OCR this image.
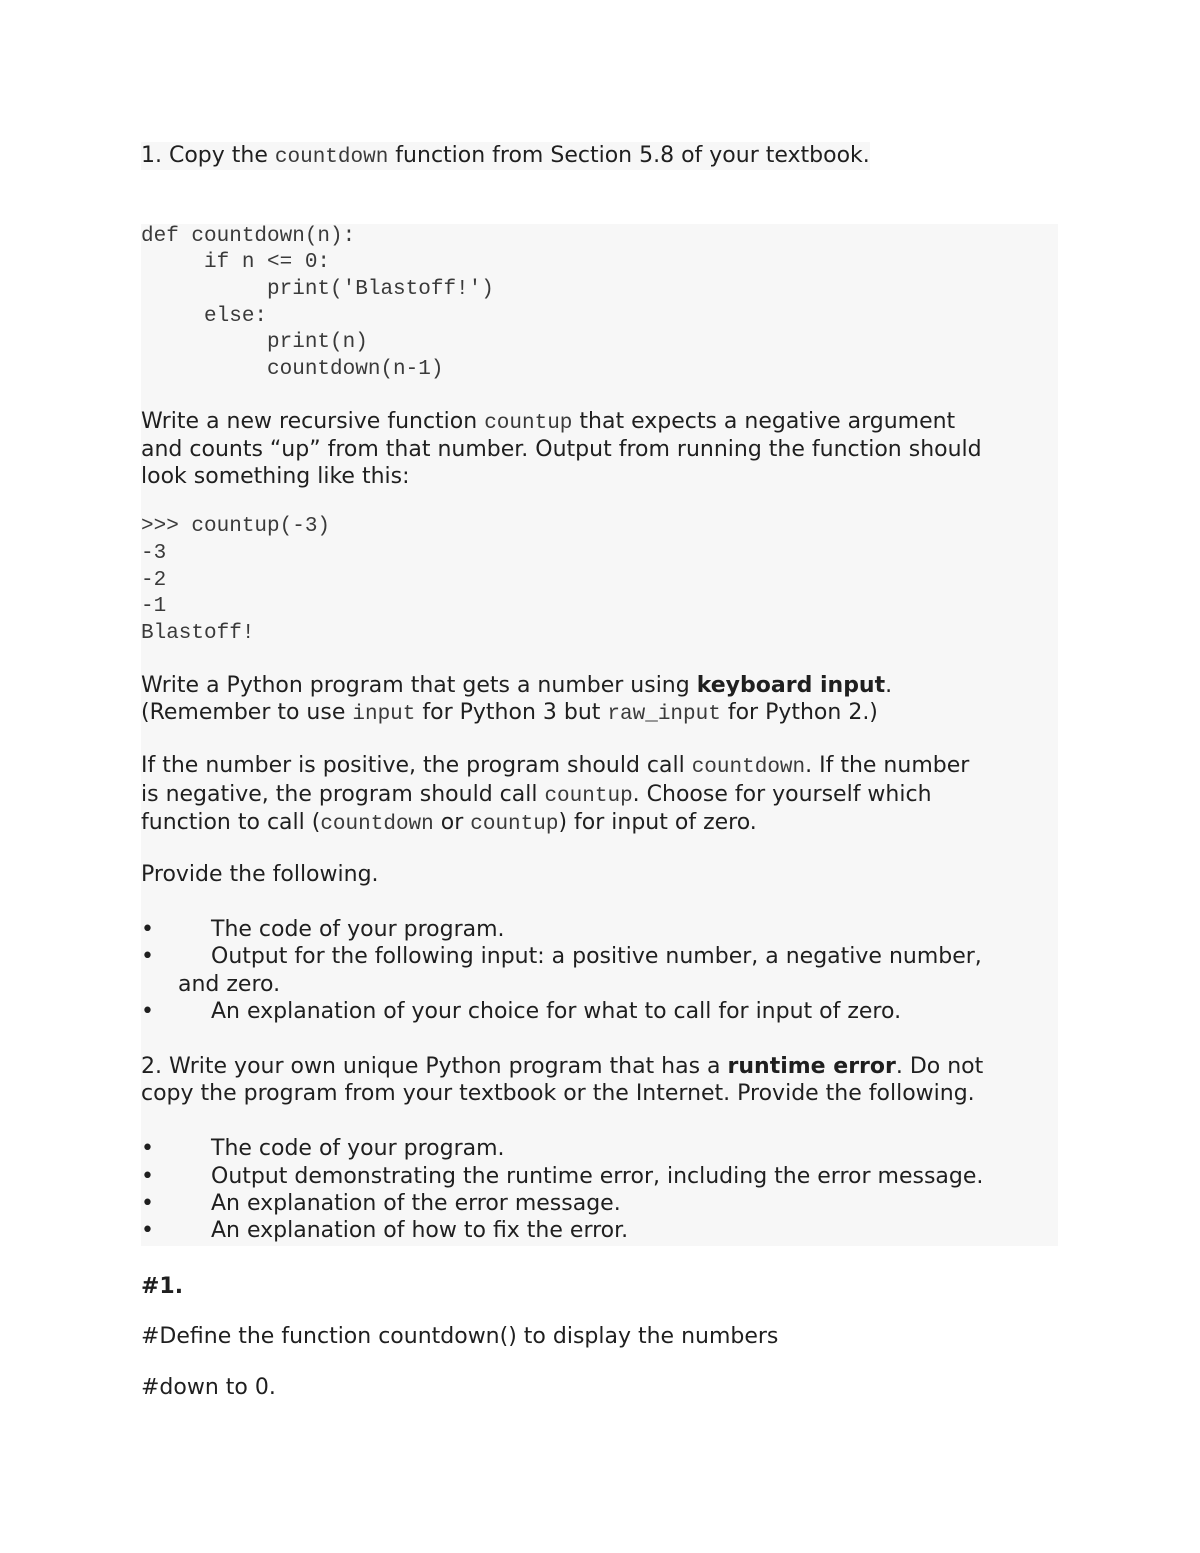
1. Copy the countdown function from Section 5.8 of your textbook.
def countdown(n):
if n <= 0:
print('Blastoff!')
else:
print(n)
countdown(n-1)
Write a new recursive function countup that expects a negative argument
and counts “up” from that number. Output from running the function should
look something like this:
>>> countup(-3)
-3
-2
-1
Blastoff!
Write a Python program that gets a number using keyboard input.
(Remember to use input for Python 3 but raw_input for Python 2.)
If the number is positive, the program should call countdown. If the number
is negative, the program should call countup. Choose for yourself which
function to call (countdown or countup) for input of zero.
Provide the following.
•	The code of your program.
•	Output for the following input: a positive number, a negative number,
and zero.
•	An explanation of your choice for what to call for input of zero.
2. Write your own unique Python program that has a runtime error. Do not
copy the program from your textbook or the Internet. Provide the following.
•	The code of your program.
•	Output demonstrating the runtime error, including the error message.
•	An explanation of the error message.
•	An explanation of how to fix the error.
#1.
#Define the function countdown() to display the numbers
#down to 0.
